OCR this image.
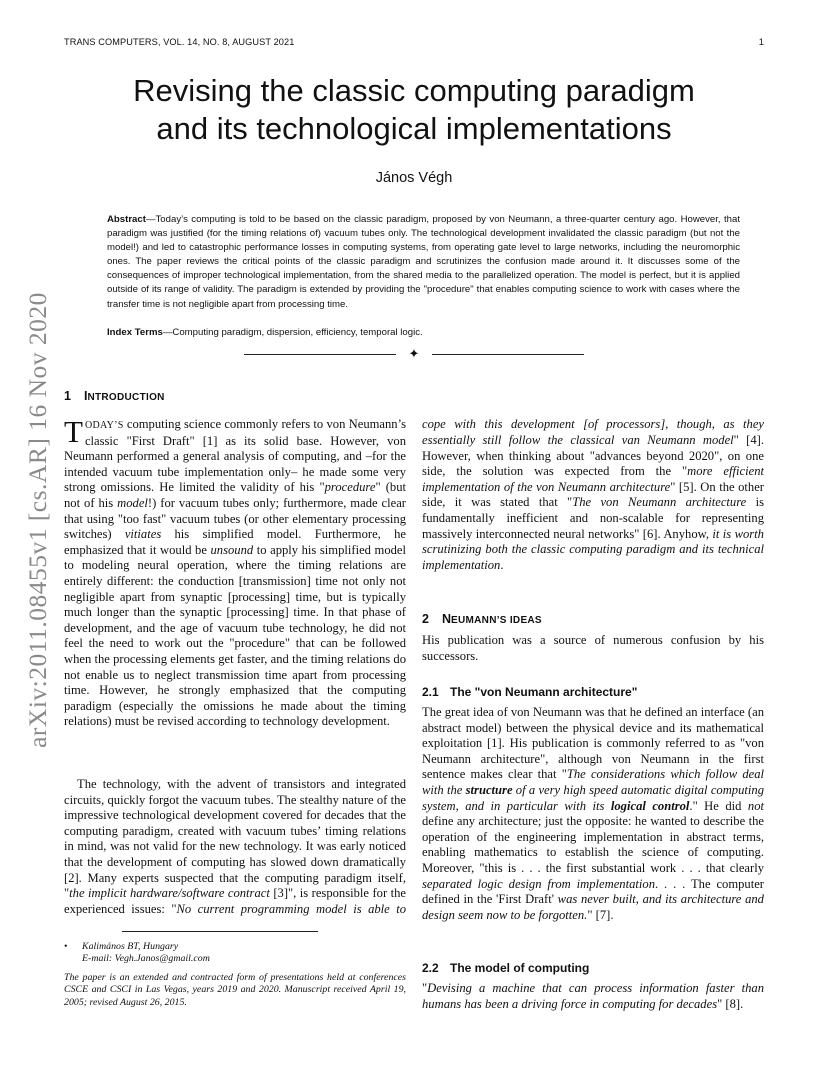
TRANS COMPUTERS, VOL. 14, NO. 8, AUGUST 2021	1
arXiv:2011.08455v1 [cs.AR] 16 Nov 2020
Revising the classic computing paradigm
and its technological implementations
János Végh

Abstract—Today’s computing is told to be based on the classic paradigm, proposed by von Neumann, a three-quarter century ago. However, that paradigm was justified (for the timing relations of) vacuum tubes only. The technological development invalidated the classic paradigm (but not the model!) and led to catastrophic performance losses in computing systems, from operating gate level to large networks, including the neuromorphic ones. The paper reviews the critical points of the classic paradigm and scrutinizes the confusion made around it. It discusses some of the consequences of improper technological implementation, from the shared media to the parallelized operation. The model is perfect, but it is applied outside of its range of validity. The paradigm is extended by providing the "procedure" that enables computing science to work with cases where the transfer time is not negligible apart from processing time.

Index Terms—Computing paradigm, dispersion, efficiency, temporal logic.

✦
1 INTRODUCTION

TODAY’S computing science commonly refers to von Neumann’s classic "First Draft" [1] as its solid base. However, von Neumann performed a general analysis of computing, and –for the intended vacuum tube implementation only– he made some very strong omissions. He limited the validity of his "procedure" (but not of his model!) for vacuum tubes only; furthermore, made clear that using "too fast" vacuum tubes (or other elementary processing switches) vitiates his simplified model. Furthermore, he emphasized that it would be unsound to apply his simplified model to modeling neural operation, where the timing relations are entirely different: the conduction [transmission] time not only not negligible apart from synaptic [processing] time, but is typically much longer than the synaptic [processing] time. In that phase of development, and the age of vacuum tube technology, he did not feel the need to work out the "procedure" that can be followed when the processing elements get faster, and the timing relations do not enable us to neglect transmission time apart from processing time. However, he strongly emphasized that the computing paradigm (especially the omissions he made about the timing relations) must be revised according to technology development.

The technology, with the advent of transistors and integrated circuits, quickly forgot the vacuum tubes. The stealthy nature of the impressive technological development covered for decades that the computing paradigm, created with vacuum tubes’ timing relations in mind, was not valid for the new technology. It was early noticed that the development of computing has slowed down dramatically [2]. Many experts suspected that the computing paradigm itself, "the implicit hardware/software contract [3]", is responsible for the experienced issues: "No current programming model is able to

• Kalimános BT, Hungary
E-mail: Vegh.Janos@gmail.com

The paper is an extended and contracted form of presentations held at conferences CSCE and CSCI in Las Vegas, years 2019 and 2020. Manuscript received April 19, 2005; revised August 26, 2015.

cope with this development [of processors], though, as they essentially still follow the classical van Neumann model" [4]. However, when thinking about "advances beyond 2020", on one side, the solution was expected from the "more efficient implementation of the von Neumann architecture" [5]. On the other side, it was stated that "The von Neumann architecture is fundamentally inefficient and non-scalable for representing massively interconnected neural networks" [6]. Anyhow, it is worth scrutinizing both the classic computing paradigm and its technical implementation.

2 NEUMANN’S IDEAS

His publication was a source of numerous confusion by his successors.

2.1 The "von Neumann architecture"

The great idea of von Neumann was that he defined an interface (an abstract model) between the physical device and its mathematical exploitation [1]. His publication is commonly referred to as "von Neumann architecture", although von Neumann in the first sentence makes clear that "The considerations which follow deal with the structure of a very high speed automatic digital computing system, and in particular with its logical control." He did not define any architecture; just the opposite: he wanted to describe the operation of the engineering implementation in abstract terms, enabling mathematics to establish the science of computing. Moreover, "this is . . . the first substantial work . . . that clearly separated logic design from implementation. . . . The computer defined in the 'First Draft' was never built, and its architecture and design seem now to be forgotten." [7].

2.2 The model of computing

"Devising a machine that can process information faster than humans has been a driving force in computing for decades" [8].
